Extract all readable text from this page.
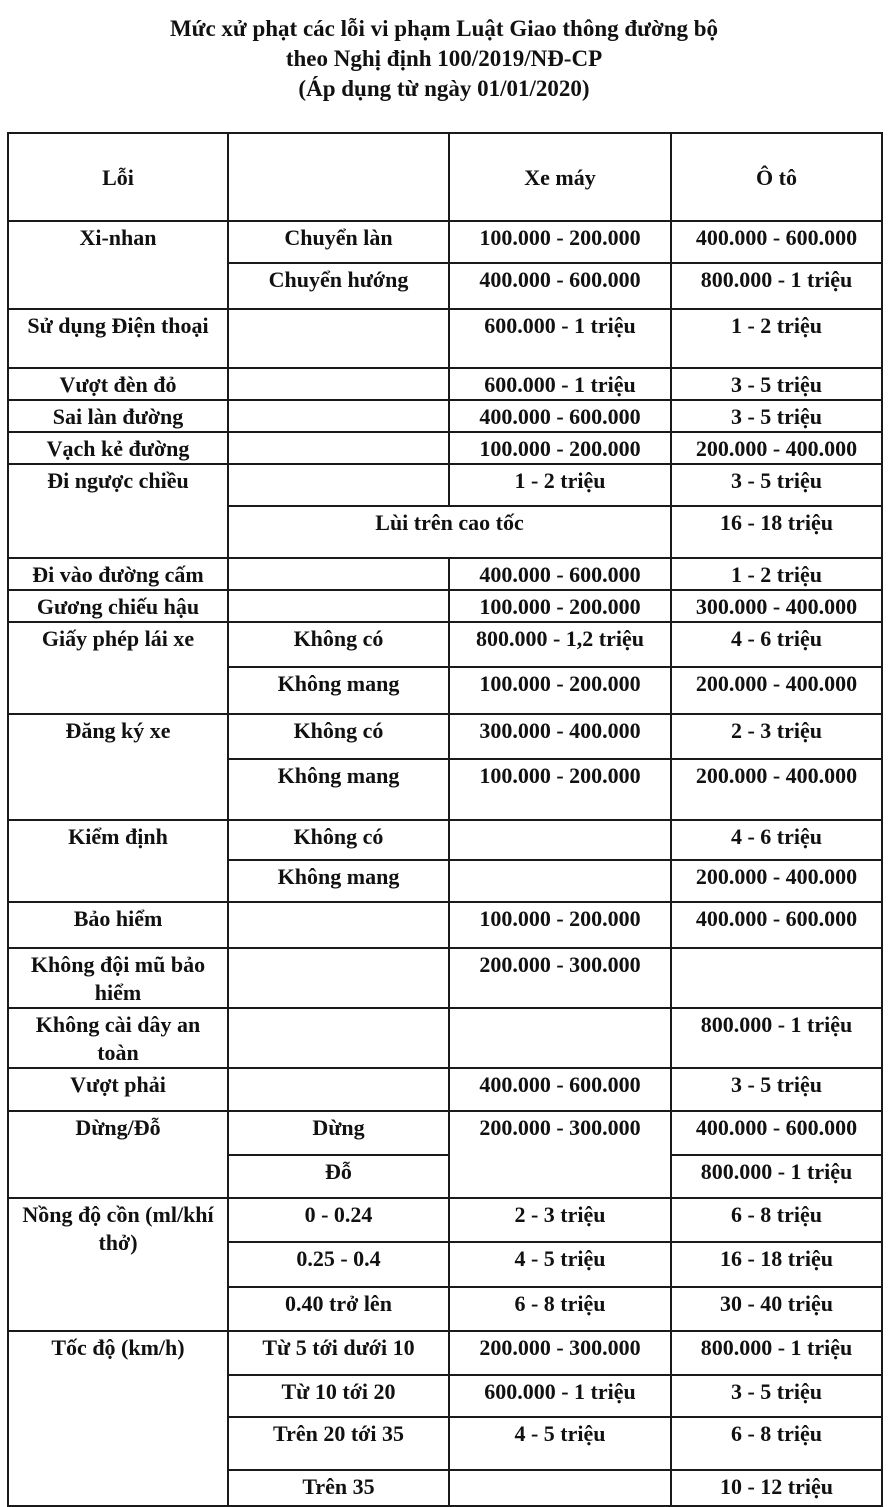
Mức xử phạt các lỗi vi phạm Luật Giao thông đường bộ
theo Nghị định 100/2019/NĐ-CP
(Áp dụng từ ngày 01/01/2020)
Lỗi		Xe máy	Ô tô
Xi-nhan	Chuyển làn	100.000 - 200.000	400.000 - 600.000
	Chuyển hướng	400.000 - 600.000	800.000 - 1 triệu
Sử dụng Điện thoại		600.000 - 1 triệu	1 - 2 triệu
Vượt đèn đỏ		600.000 - 1 triệu	3 - 5 triệu
Sai làn đường		400.000 - 600.000	3 - 5 triệu
Vạch kẻ đường		100.000 - 200.000	200.000 - 400.000
Đi ngược chiều		1 - 2 triệu	3 - 5 triệu
	Lùi trên cao tốc		16 - 18 triệu
Đi vào đường cấm		400.000 - 600.000	1 - 2 triệu
Gương chiếu hậu		100.000 - 200.000	300.000 - 400.000
Giấy phép lái xe	Không có	800.000 - 1,2 triệu	4 - 6 triệu
	Không mang	100.000 - 200.000	200.000 - 400.000
Đăng ký xe	Không có	300.000 - 400.000	2 - 3 triệu
	Không mang	100.000 - 200.000	200.000 - 400.000
Kiểm định	Không có		4 - 6 triệu
	Không mang		200.000 - 400.000
Bảo hiểm		100.000 - 200.000	400.000 - 600.000
Không đội mũ bảo hiểm		200.000 - 300.000	
Không cài dây an toàn			800.000 - 1 triệu
Vượt phải		400.000 - 600.000	3 - 5 triệu
Dừng/Đỗ	Dừng	200.000 - 300.000	400.000 - 600.000
	Đỗ		800.000 - 1 triệu
Nồng độ cồn (ml/khí thở)	0 - 0.24	2 - 3 triệu	6 - 8 triệu
	0.25 - 0.4	4 - 5 triệu	16 - 18 triệu
	0.40 trở lên	6 - 8 triệu	30 - 40 triệu
Tốc độ (km/h)	Từ 5 tới dưới 10	200.000 - 300.000	800.000 - 1 triệu
	Từ 10 tới 20	600.000 - 1 triệu	3 - 5 triệu
	Trên 20 tới 35	4 - 5 triệu	6 - 8 triệu
	Trên 35		10 - 12 triệu
